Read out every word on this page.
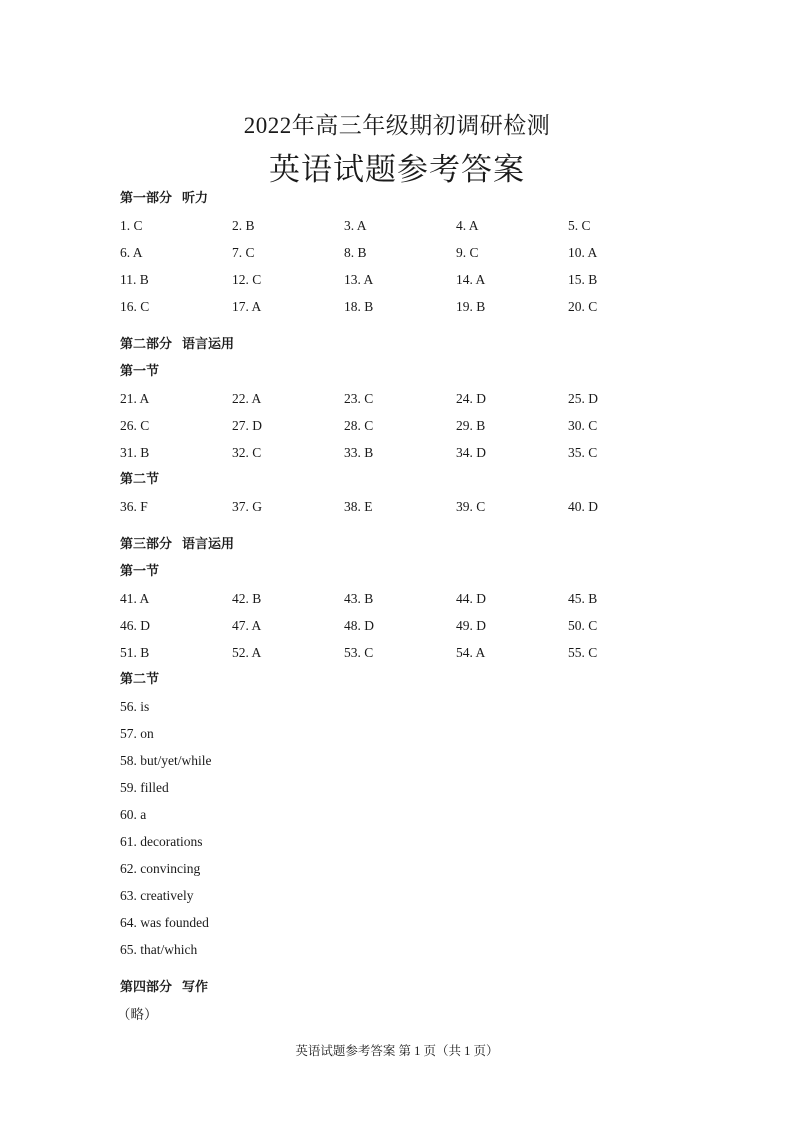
2022年高三年级期初调研检测
英语试题参考答案
第一部分 听力
1. C	2. B	3. A	4. A	5. C
6. A	7. C	8. B	9. C	10. A
11. B	12. C	13. A	14. A	15. B
16. C	17. A	18. B	19. B	20. C
第二部分 语言运用
第一节
21. A	22. A	23. C	24. D	25. D
26. C	27. D	28. C	29. B	30. C
31. B	32. C	33. B	34. D	35. C
第二节
36. F	37. G	38. E	39. C	40. D
第三部分 语言运用
第一节
41. A	42. B	43. B	44. D	45. B
46. D	47. A	48. D	49. D	50. C
51. B	52. A	53. C	54. A	55. C
第二节
56. is
57. on
58. but/yet/while
59. filled
60. a
61. decorations
62. convincing
63. creatively
64. was founded
65. that/which
第四部分 写作
（略）
英语试题参考答案 第 1 页（共 1 页）
